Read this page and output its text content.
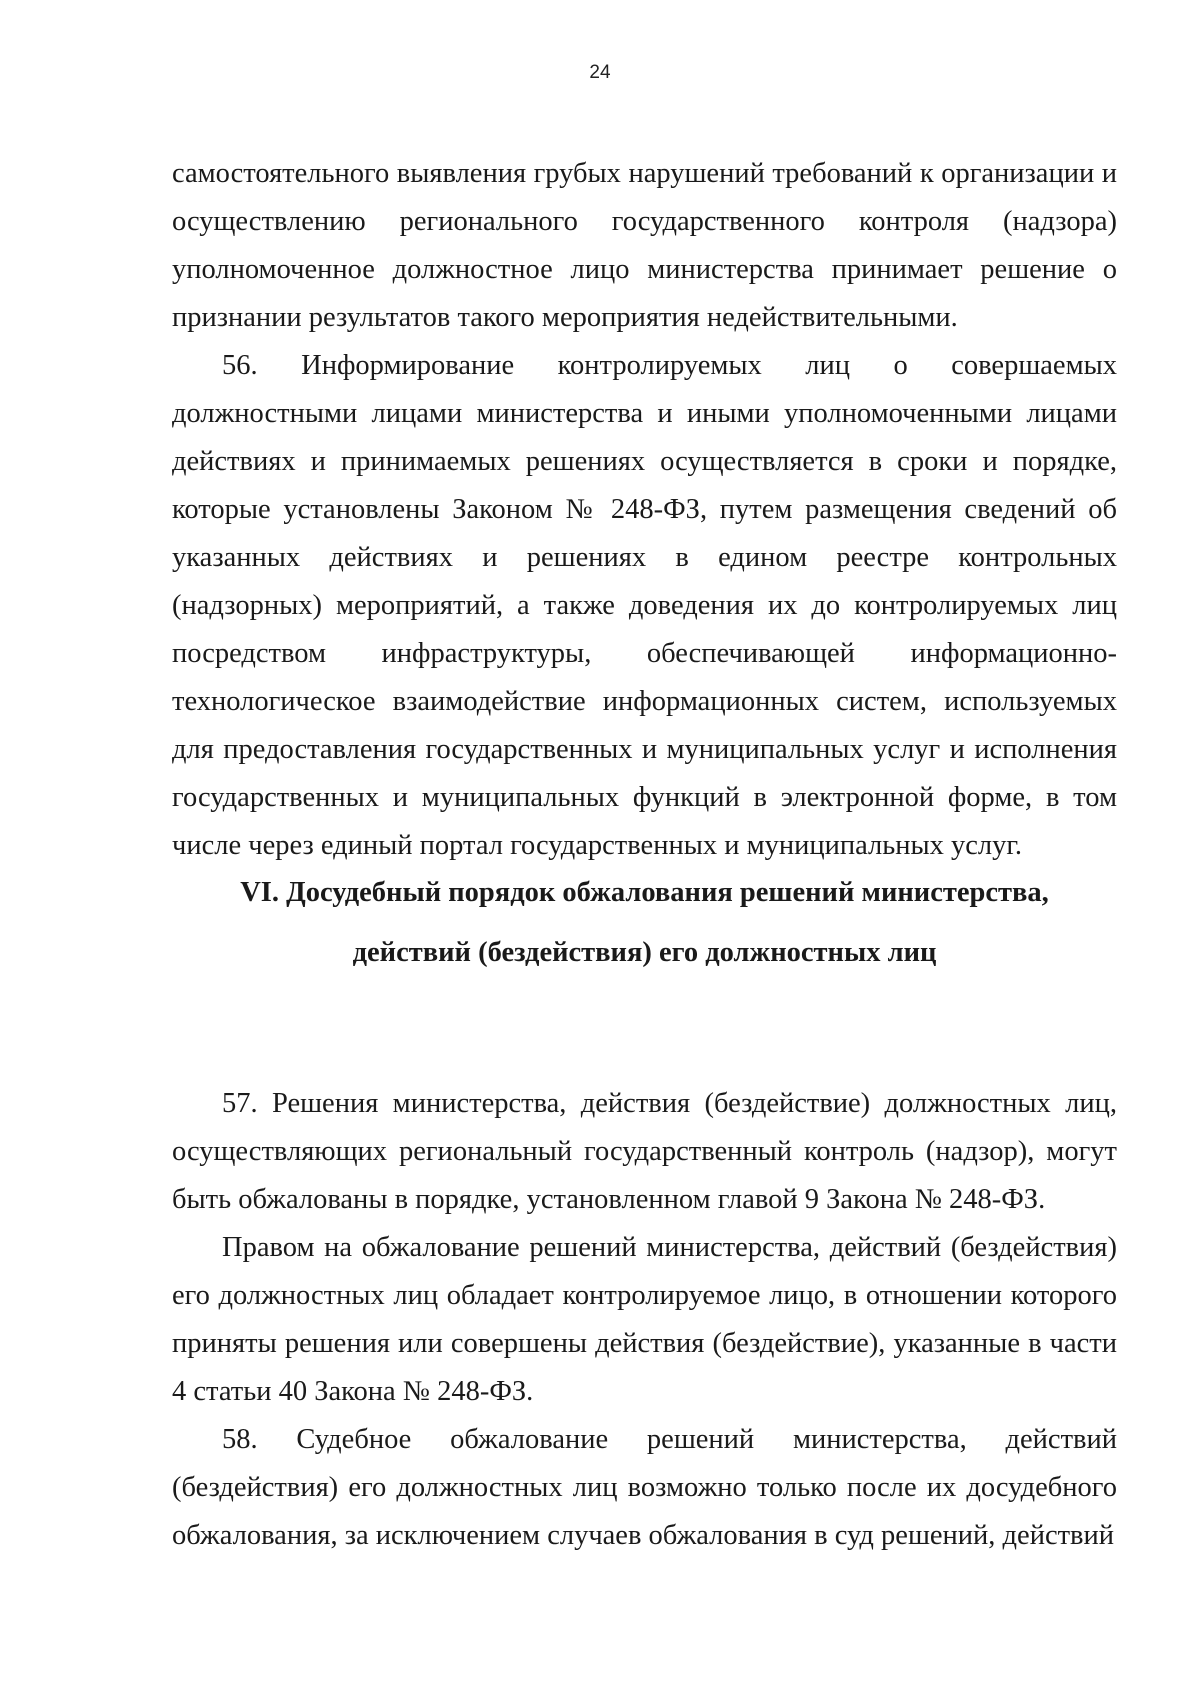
24

самостоятельного выявления грубых нарушений требований к организации и осуществлению регионального государственного контроля (надзора) уполномоченное должностное лицо министерства принимает решение о признании результатов такого мероприятия недействительными.

56. Информирование контролируемых лиц о совершаемых должностными лицами министерства и иными уполномоченными лицами действиях и принимаемых решениях осуществляется в сроки и порядке, которые установлены Законом № 248-ФЗ, путем размещения сведений об указанных действиях и решениях в едином реестре контрольных (надзорных) мероприятий, а также доведения их до контролируемых лиц посредством инфраструктуры, обеспечивающей информационно-технологическое взаимодействие информационных систем, используемых для предоставления государственных и муниципальных услуг и исполнения государственных и муниципальных функций в электронной форме, в том числе через единый портал государственных и муниципальных услуг.

VI. Досудебный порядок обжалования решений министерства,
действий (бездействия) его должностных лиц

57. Решения министерства, действия (бездействие) должностных лиц, осуществляющих региональный государственный контроль (надзор), могут быть обжалованы в порядке, установленном главой 9 Закона № 248-ФЗ.

Правом на обжалование решений министерства, действий (бездействия) его должностных лиц обладает контролируемое лицо, в отношении которого приняты решения или совершены действия (бездействие), указанные в части 4 статьи 40 Закона № 248-ФЗ.

58. Судебное обжалование решений министерства, действий (бездействия) его должностных лиц возможно только после их досудебного обжалования, за исключением случаев обжалования в суд решений, действий
